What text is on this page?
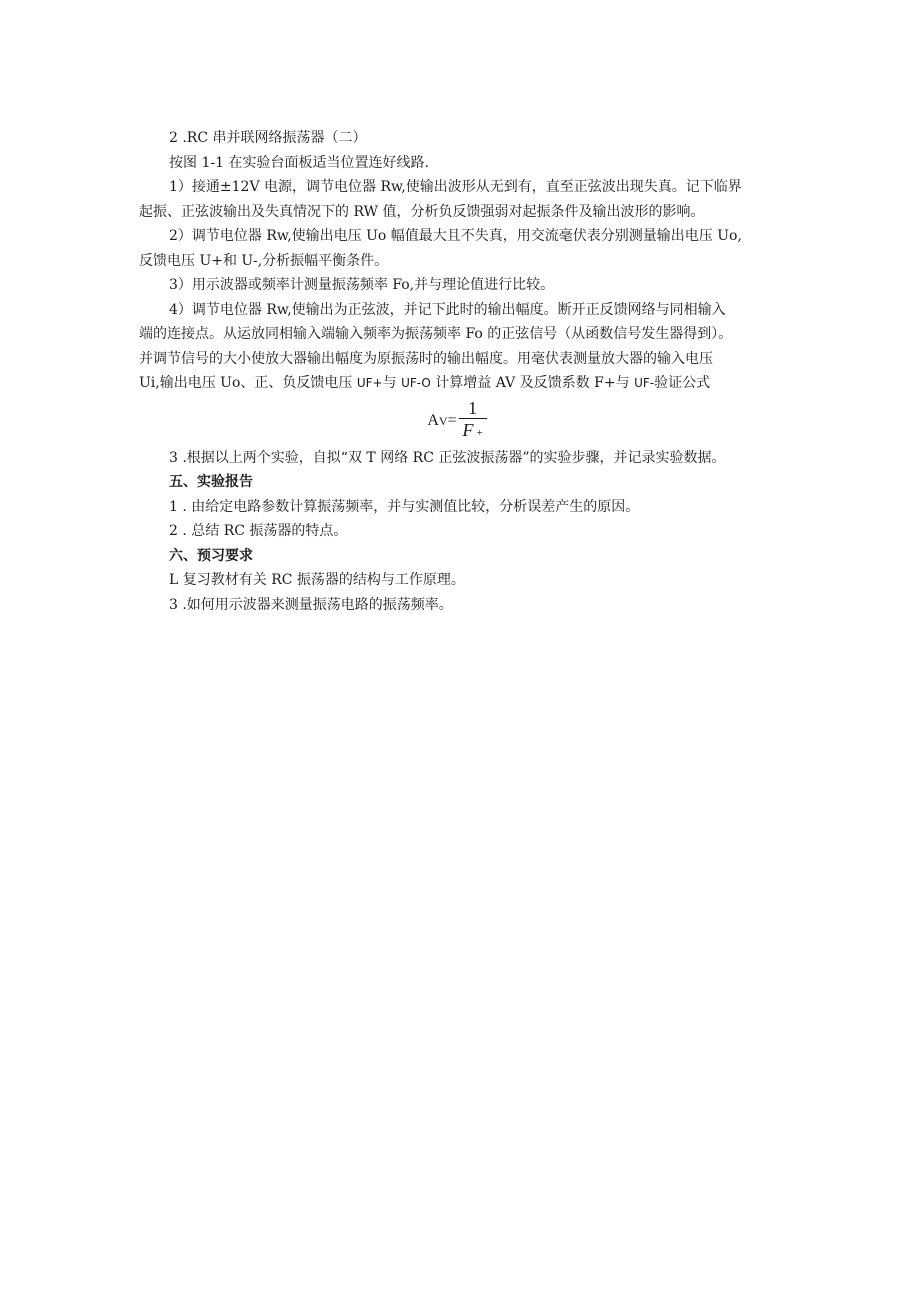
2 .RC 串并联网络振荡器（二）
按图 1-1 在实验台面板适当位置连好线路.
1）接通±12V 电源，调节电位器 Rw,使输出波形从无到有，直至正弦波出现失真。记下临界
起振、正弦波输出及失真情况下的 RW 值，分析负反馈强弱对起振条件及输出波形的影响。
2）调节电位器 Rw,使输出电压 Uo 幅值最大且不失真，用交流毫伏表分别测量输出电压 Uo,
反馈电压 U+和 U-,分析振幅平衡条件。
3）用示波器或频率计测量振荡频率 Fo,并与理论值进行比较。
4）调节电位器 Rw,使输出为正弦波，并记下此时的输出幅度。断开正反馈网络与同相输入
端的连接点。从运放同相输入端输入频率为振荡频率 Fo 的正弦信号（从函数信号发生器得到）。
并调节信号的大小使放大器输出幅度为原振荡时的输出幅度。用毫伏表测量放大器的输入电压
Ui,输出电压 Uo、正、负反馈电压 UF+与 UF-O 计算增益 AV 及反馈系数 F+与 UF-验证公式
$AV= \frac{1}{F +}$
3 .根据以上两个实验，自拟“双 T 网络 RC 正弦波振荡器”的实验步骤，并记录实验数据。
五、实验报告
1 . 由给定电路参数计算振荡频率，并与实测值比较，分析误差产生的原因。
2 . 总结 RC 振荡器的特点。
六、预习要求
L 复习教材有关 RC 振荡器的结构与工作原理。
3 .如何用示波器来测量振荡电路的振荡频率。
